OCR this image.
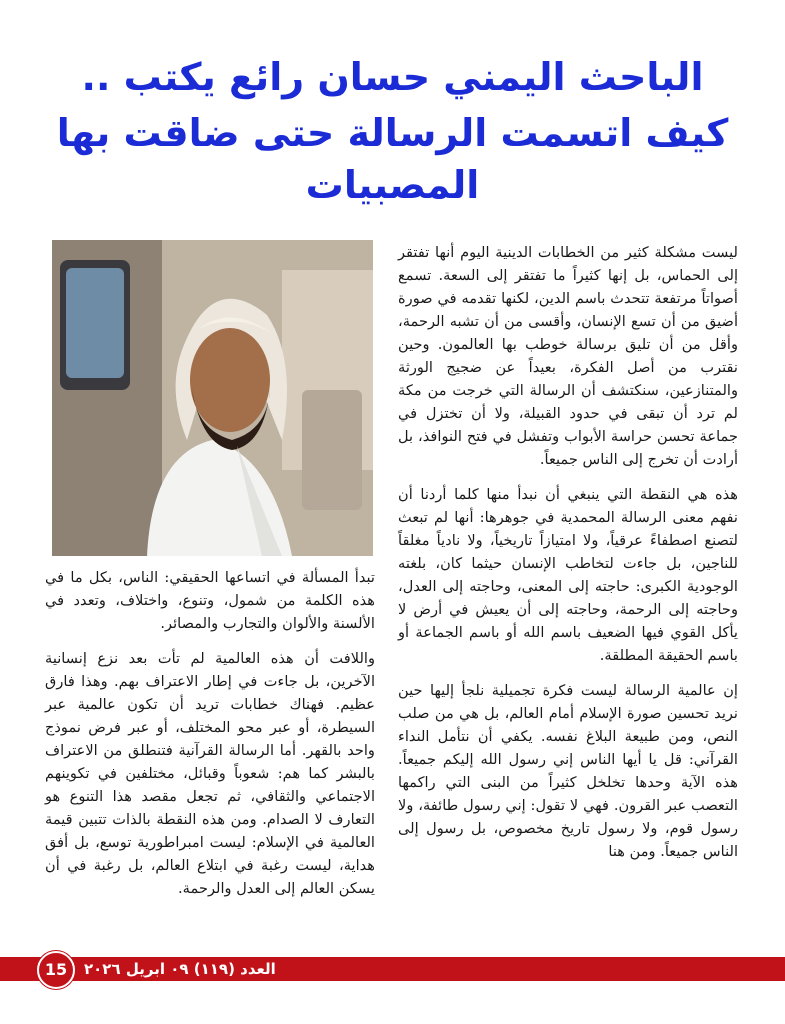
الباحث اليمني حسان رائع يكتب ..
كيف اتسمت الرسالة حتى ضاقت بها
المصبيات

ليست مشكلة كثير من الخطابات الدينية اليوم أنها تفتقر إلى الحماس، بل إنها كثيراً ما تفتقر إلى السعة. تسمع أصواتاً مرتفعة تتحدث باسم الدين، لكنها تقدمه في صورة أضيق من أن تسع الإنسان، وأقسى من أن تشبه الرحمة، وأقل من أن تليق برسالة خوطب بها العالمون. وحين نقترب من أصل الفكرة، بعيداً عن ضجيج الورثة والمتنازعين، سنكتشف أن الرسالة التي خرجت من مكة لم ترد أن تبقى في حدود القبيلة، ولا أن تختزل في جماعة تحسن حراسة الأبواب وتفشل في فتح النوافذ، بل أرادت أن تخرج إلى الناس جميعاً.

هذه هي النقطة التي ينبغي أن نبدأ منها كلما أردنا أن نفهم معنى الرسالة المحمدية في جوهرها: أنها لم تبعث لتصنع اصطفاءً عرقياً، ولا امتيازاً تاريخياً، ولا نادياً مغلقاً للناجين، بل جاءت لتخاطب الإنسان حيثما كان، بلغته الوجودية الكبرى: حاجته إلى المعنى، وحاجته إلى العدل، وحاجته إلى الرحمة، وحاجته إلى أن يعيش في أرض لا يأكل القوي فيها الضعيف باسم الله أو باسم الجماعة أو باسم الحقيقة المطلقة.

إن عالمية الرسالة ليست فكرة تجميلية نلجأ إليها حين نريد تحسين صورة الإسلام أمام العالم، بل هي من صلب النص، ومن طبيعة البلاغ نفسه. يكفي أن نتأمل النداء القرآني: قل يا أيها الناس إني رسول الله إليكم جميعاً. هذه الآية وحدها تخلخل كثيراً من البنى التي راكمها التعصب عبر القرون. فهي لا تقول: إني رسول طائفة، ولا رسول قوم، ولا رسول تاريخ مخصوص، بل رسول إلى الناس جميعاً. ومن هنا

تبدأ المسألة في اتساعها الحقيقي: الناس، بكل ما في هذه الكلمة من شمول، وتنوع، واختلاف، وتعدد في الألسنة والألوان والتجارب والمصائر.

واللافت أن هذه العالمية لم تأت بعد نزع إنسانية الآخرين، بل جاءت في إطار الاعتراف بهم. وهذا فارق عظيم. فهناك خطابات تريد أن تكون عالمية عبر السيطرة، أو عبر محو المختلف، أو عبر فرض نموذج واحد بالقهر. أما الرسالة القرآنية فتنطلق من الاعتراف بالبشر كما هم: شعوباً وقبائل، مختلفين في تكوينهم الاجتماعي والثقافي، ثم تجعل مقصد هذا التنوع هو التعارف لا الصدام. ومن هذه النقطة بالذات تتبين قيمة العالمية في الإسلام: ليست امبراطورية توسع، بل أفق هداية، ليست رغبة في ابتلاع العالم، بل رغبة في أن يسكن العالم إلى العدل والرحمة.

العدد (١١٩) ٠٩ ابريل ٢٠٢٦
15
